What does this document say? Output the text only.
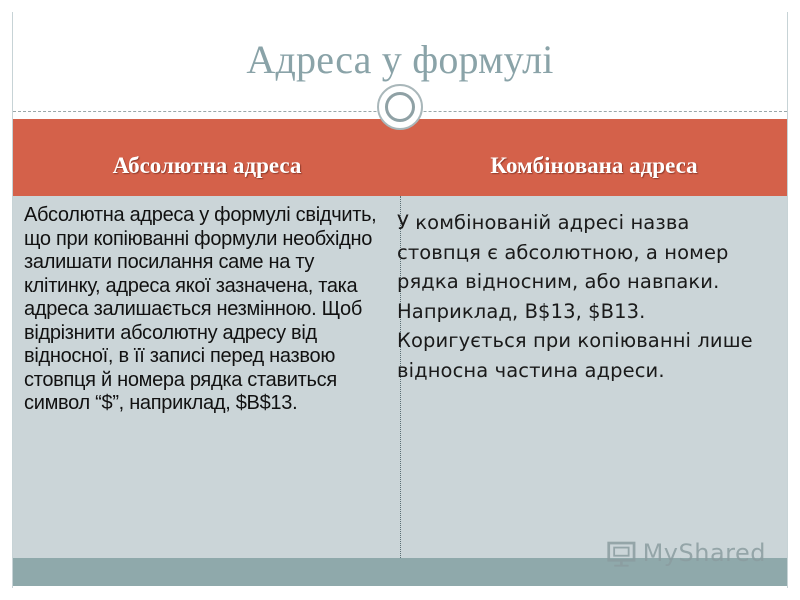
Адреса у формулі
Абсолютна адреса	Комбінована адреса
Абсолютна адреса у формулі свідчить, що при копіюванні формули необхідно залишати посилання саме на ту клітинку, адреса якої зазначена, така адреса залишається незмінною. Щоб відрізнити абсолютну адресу від відносної, в її записі перед назвою стовпця й номера рядка ставиться символ “$”, наприклад, $B$13.
У комбінованій адресі назва стовпця є абсолютною, а номер рядка відносним, або навпаки. Наприклад, B$13, $B13. Коригується при копіюванні лише відносна частина адреси.
MyShared
